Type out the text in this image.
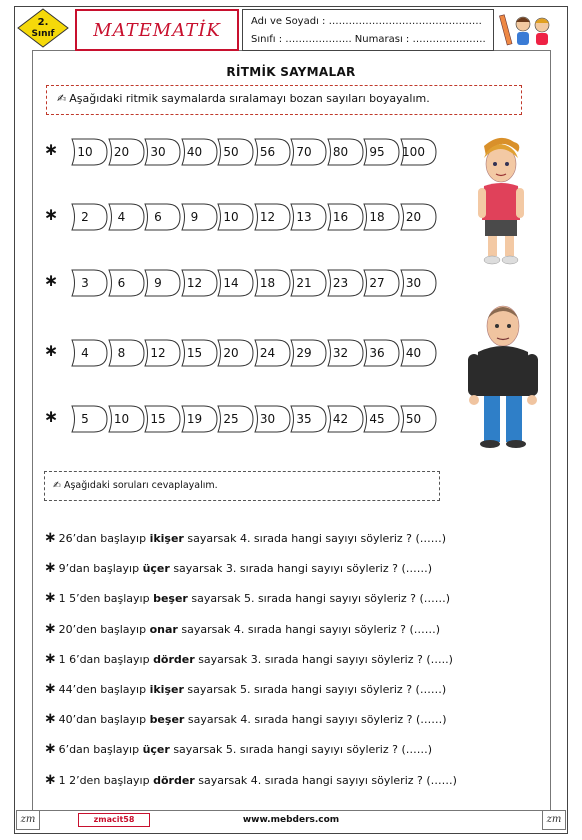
2.
Sınıf	MATEMATİK	Adı ve Soyadı : ……………………………………….
Sınıfı : ……………….. Numarası : ………………….
RİTMİK SAYMALAR
✍ Aşağıdaki ritmik saymalarda sıralamayı bozan sayıları boyayalım.
∗ 10 20 30 40 50 56 70 80 95 100
∗ 2 4 6 9 10 12 13 16 18 20
∗ 3 6 9 12 14 18 21 23 27 30
∗ 4 8 12 15 20 24 29 32 36 40
∗ 5 10 15 19 25 30 35 42 45 50
✍ Aşağıdaki soruları cevaplayalım.
∗ 26’dan başlayıp ikişer sayarsak 4. sırada hangi sayıyı söyleriz ? (……)
∗ 9’dan başlayıp üçer sayarsak 3. sırada hangi sayıyı söyleriz ? (……)
∗ 1 5’den başlayıp beşer sayarsak 5. sırada hangi sayıyı söyleriz ? (……)
∗ 20’den başlayıp onar sayarsak 4. sırada hangi sayıyı söyleriz ? (……)
∗ 1 6’dan başlayıp dörder sayarsak 3. sırada hangi sayıyı söyleriz ? (…..)
∗ 44’den başlayıp ikişer sayarsak 5. sırada hangi sayıyı söyleriz ? (……)
∗ 40’dan başlayıp beşer sayarsak 4. sırada hangi sayıyı söyleriz ? (……)
∗ 6’dan başlayıp üçer sayarsak 5. sırada hangi sayıyı söyleriz ? (……)
∗ 1 2’den başlayıp dörder sayarsak 4. sırada hangi sayıyı söyleriz ? (……)
zm	zm
zmacit58	www.mebders.com
